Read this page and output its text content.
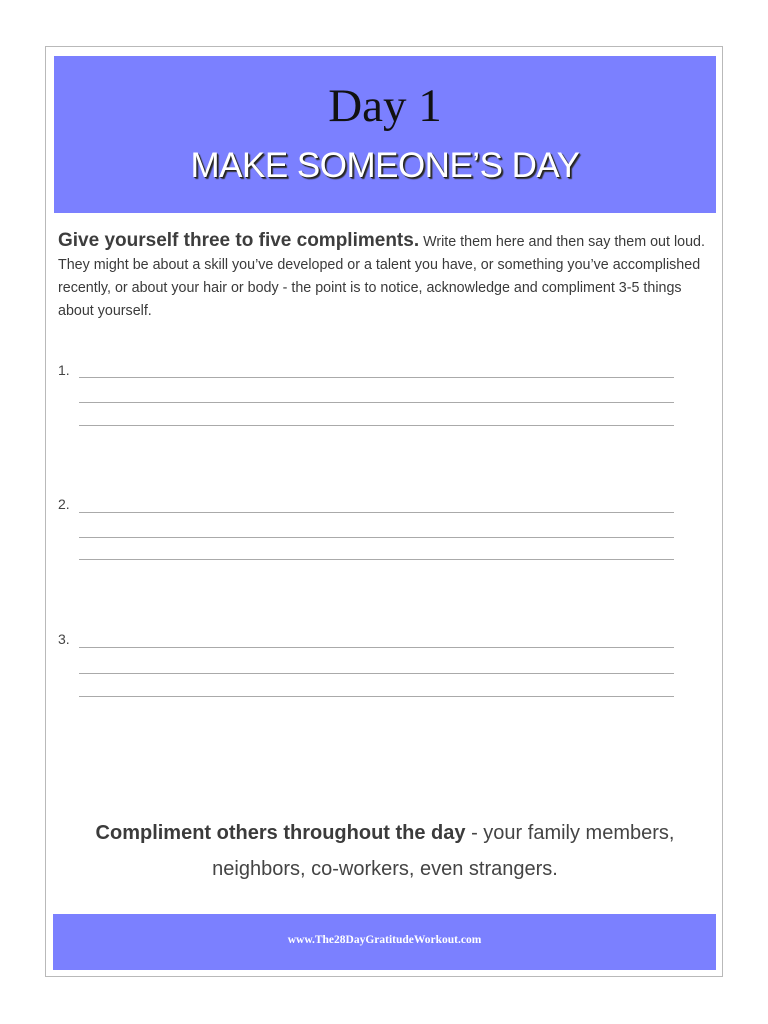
Day 1
MAKE SOMEONE’S DAY
Give yourself three to five compliments. Write them here and then say them out loud. They might be about a skill you’ve developed or a talent you have, or something you’ve accomplished recently, or about your hair or body - the point is to notice, acknowledge and compliment 3-5 things about yourself.
1.
2.
3.
Compliment others throughout the day - your family members, neighbors, co-workers, even strangers.
www.The28DayGratitudeWorkout.com
